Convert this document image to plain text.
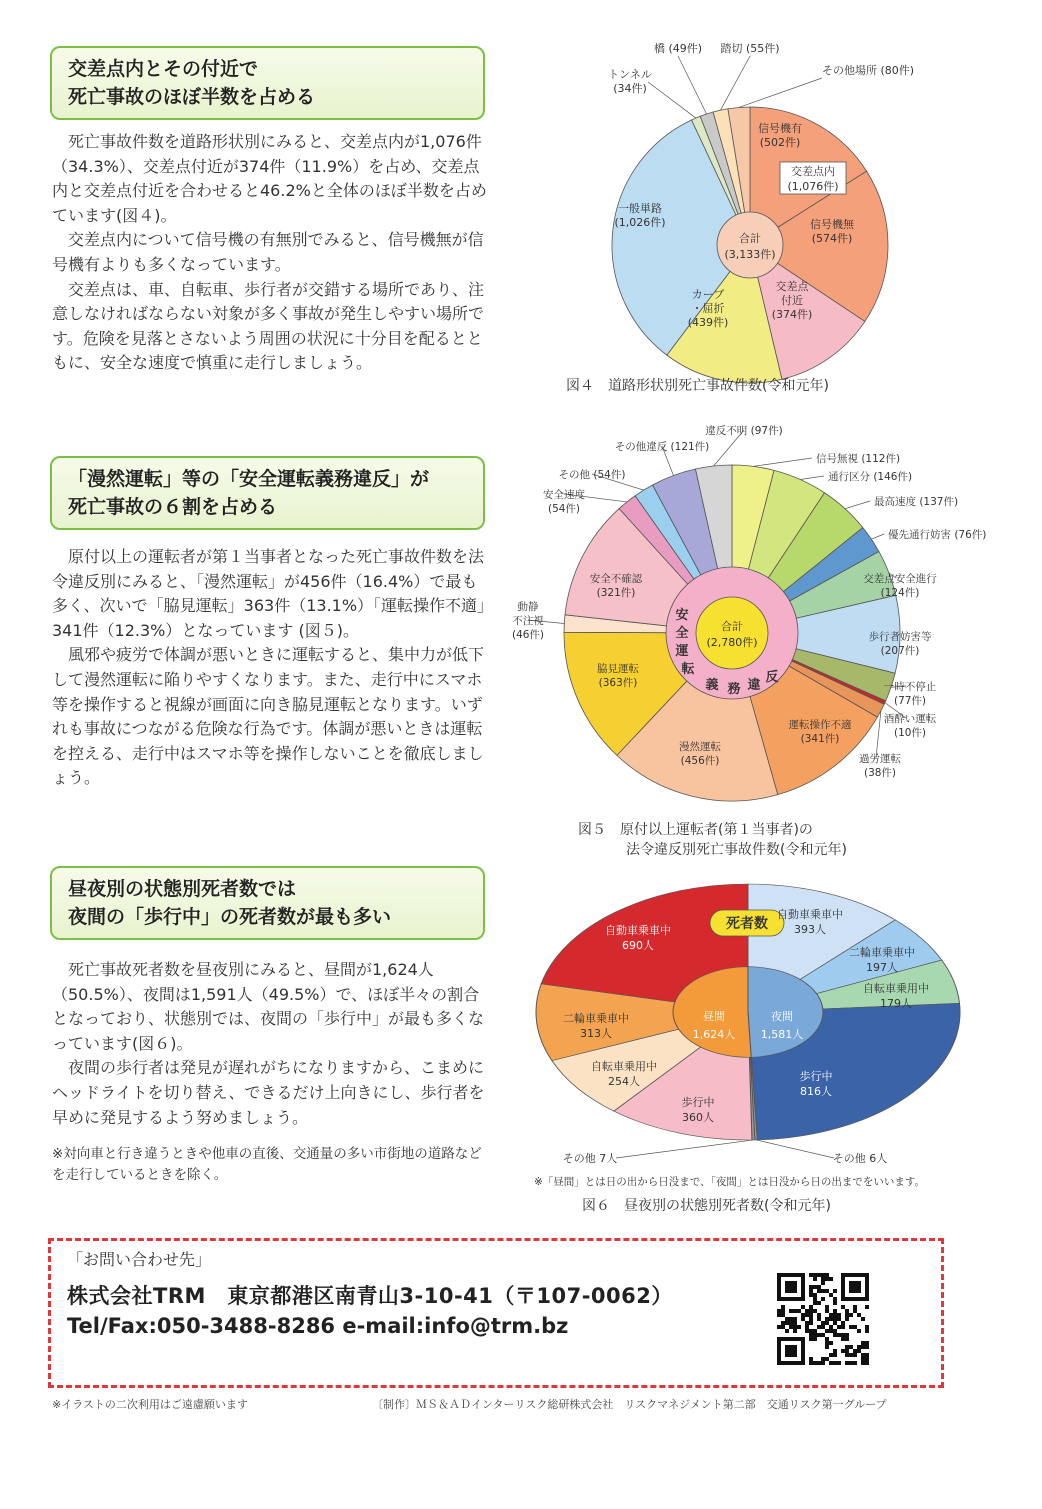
交差点内とその付近で
死亡事故のほぼ半数を占める

死亡事故件数を道路形状別にみると、交差点内が1,076件（34.3%）、交差点付近が374件（11.9%）を占め、交差点内と交差点付近を合わせると46.2%と全体のほぼ半数を占めています(図４)。

交差点内について信号機の有無別でみると、信号機無が信号機有よりも多くなっています。

交差点は、車、自転車、歩行者が交錯する場所であり、注意しなければならない対象が多く事故が発生しやすい場所です。危険を見落とさないよう周囲の状況に十分目を配るとともに、安全な速度で慎重に走行しましょう。

「漫然運転」等の「安全運転義務違反」が
死亡事故の６割を占める

原付以上の運転者が第１当事者となった死亡事故件数を法令違反別にみると、「漫然運転」が456件（16.4%）で最も多く、次いで「脇見運転」363件（13.1%）「運転操作不適」341件（12.3%）となっています (図５)。

風邪や疲労で体調が悪いときに運転すると、集中力が低下して漫然運転に陥りやすくなります。また、走行中にスマホ等を操作すると視線が画面に向き脇見運転となります。いずれも事故につながる危険な行為です。体調が悪いときは運転を控える、走行中はスマホ等を操作しないことを徹底しましょう。

昼夜別の状態別死者数では
夜間の「歩行中」の死者数が最も多い

死亡事故死者数を昼夜別にみると、昼間が1,624人（50.5%）、夜間は1,591人（49.5%）で、ほぼ半々の割合となっており、状態別では、夜間の「歩行中」が最も多くなっています(図６)。

夜間の歩行者は発見が遅れがちになりますから、こまめにヘッドライトを切り替え、できるだけ上向きにし、歩行者を早めに発見するよう努めましょう。

※対向車と行き違うときや他車の直後、交通量の多い市街地の道路などを走行しているときを除く。
合計
(3,133件)
交差点内
(1,076件)
信号機有
(502件)
信号機無
(574件)
交差点
付近
(374件)
カーブ
・屈折
(439件)
一般単路
(1,026件)
トンネル
(34件)
橋 (49件) 踏切 (55件)
その他場所 (80件)
図４　道路形状別死亡事故件数(令和元年)
合計
(2,780件)
安
全
運
転
義 務 違
反
信号無視 (112件)
通行区分 (146件)
最高速度 (137件)
優先通行妨害 (76件)
交差点安全進行
(124件)
歩行者妨害等
(207件)
一時不停止
(77件)
酒酔い運転
(10件)
過労運転
(38件)
運転操作不適
(341件)
漫然運転
(456件)
脇見運転
(363件)
動静
不注視
(46件)
安全不確認
(321件)
安全速度
(54件)
その他 (54件)
その他違反 (121件)
違反不明 (97件)
図５　原付以上運転者(第１当事者)の
法令違反別死亡事故件数(令和元年)
死者数
昼間
1,624人
夜間
1,581人
自動車乗車中
393人
二輪車乗車中
197人
自転車乗用中
179人
歩行中
816人
その他 6人
その他 7人
歩行中
360人
自転車乗用中
254人
二輪車乗車中
313人
自動車乗車中
690人
※「昼間」とは日の出から日没まで、「夜間」とは日没から日の出までをいいます。
図６　昼夜別の状態別死者数(令和元年)
「お問い合わせ先」
株式会社TRM　東京都港区南青山3-10-41（〒107-0062）
Tel/Fax:050-3488-8286 e-mail:info@trm.bz
※イラストの二次利用はご遠慮願います	〔制作〕ＭＳ＆ＡＤインターリスク総研株式会社　リスクマネジメント第二部　交通リスク第一グループ
